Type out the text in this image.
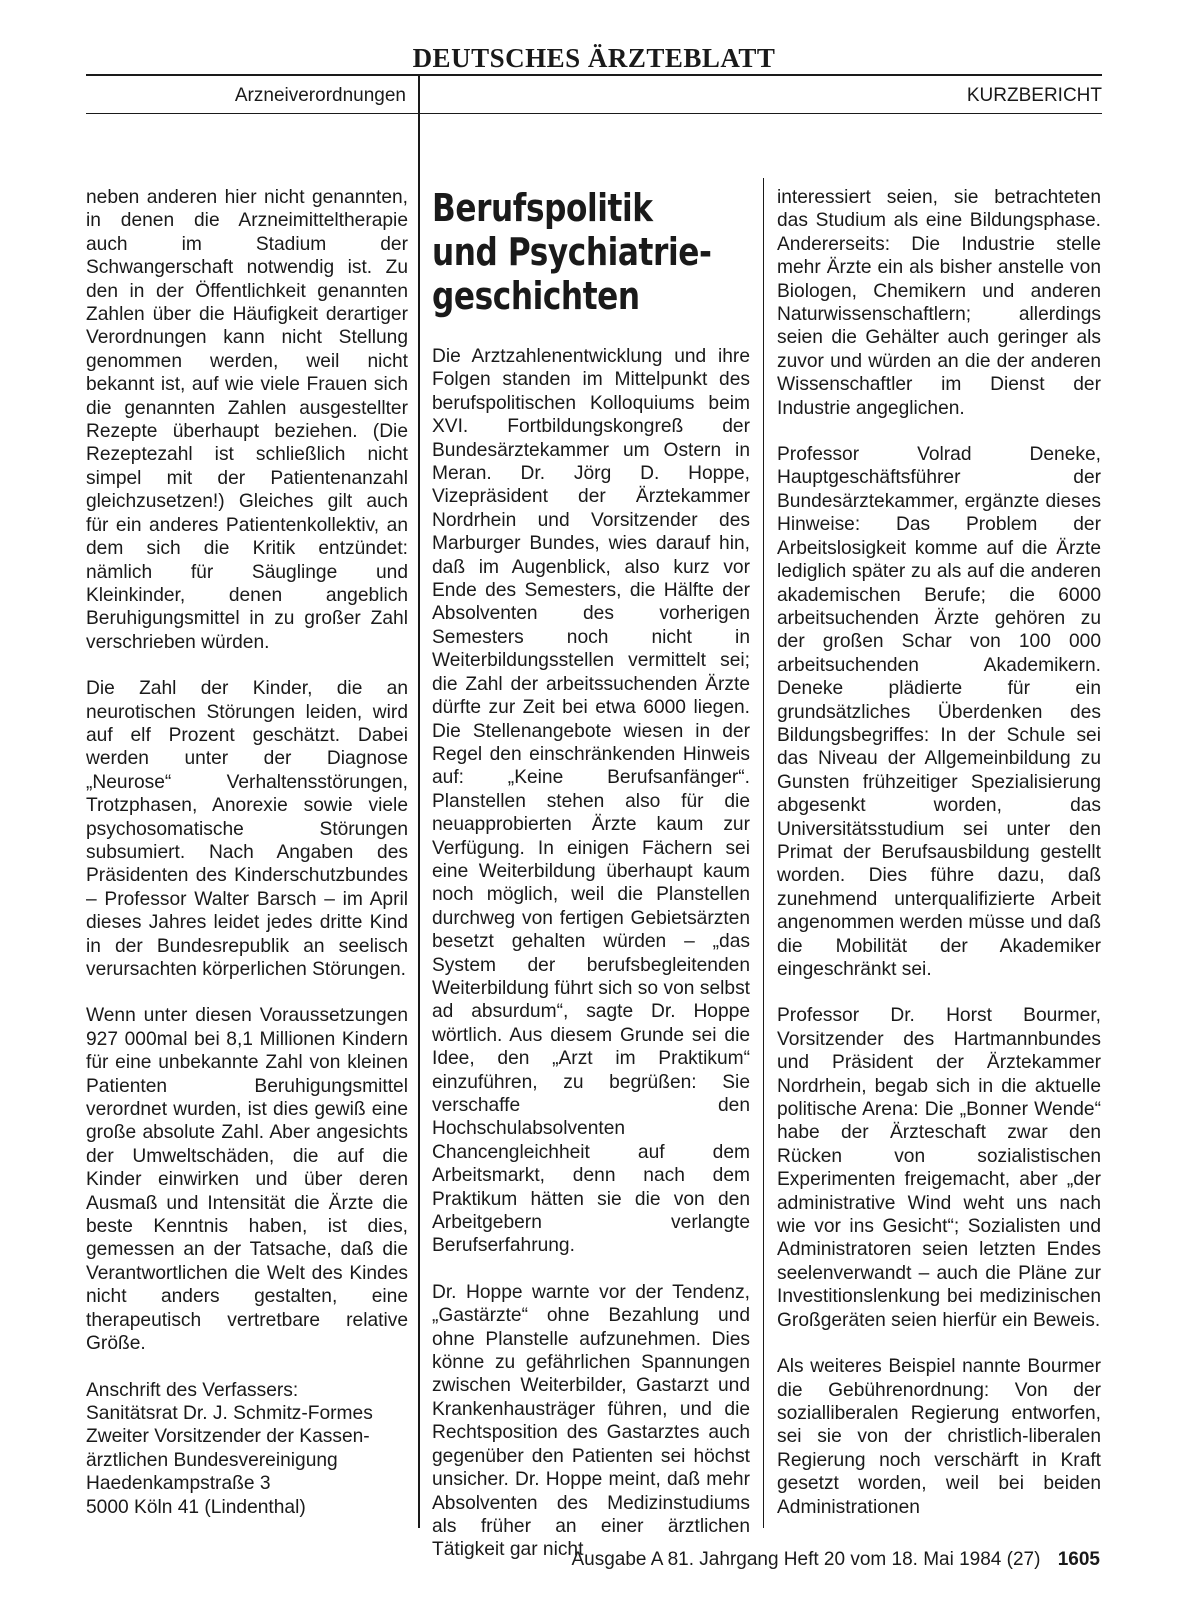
DEUTSCHES ÄRZTEBLATT
Arzneiverordnungen	KURZBERICHT

neben anderen hier nicht genannten, in denen die Arzneimitteltherapie auch im Stadium der Schwangerschaft notwendig ist. Zu den in der Öffentlichkeit genannten Zahlen über die Häufigkeit derartiger Verordnungen kann nicht Stellung genommen werden, weil nicht bekannt ist, auf wie viele Frauen sich die genannten Zahlen ausgestellter Rezepte überhaupt beziehen. (Die Rezeptezahl ist schließlich nicht simpel mit der Patientenanzahl gleichzusetzen!) Gleiches gilt auch für ein anderes Patientenkollektiv, an dem sich die Kritik entzündet: nämlich für Säuglinge und Kleinkinder, denen angeblich Beruhigungsmittel in zu großer Zahl verschrieben würden.

Die Zahl der Kinder, die an neurotischen Störungen leiden, wird auf elf Prozent geschätzt. Dabei werden unter der Diagnose „Neurose“ Verhaltensstörungen, Trotzphasen, Anorexie sowie viele psychosomatische Störungen subsumiert. Nach Angaben des Präsidenten des Kinderschutzbundes – Professor Walter Barsch – im April dieses Jahres leidet jedes dritte Kind in der Bundesrepublik an seelisch verursachten körperlichen Störungen.

Wenn unter diesen Voraussetzungen 927 000mal bei 8,1 Millionen Kindern für eine unbekannte Zahl von kleinen Patienten Beruhigungsmittel verordnet wurden, ist dies gewiß eine große absolute Zahl. Aber angesichts der Umweltschäden, die auf die Kinder einwirken und über deren Ausmaß und Intensität die Ärzte die beste Kenntnis haben, ist dies, gemessen an der Tatsache, daß die Verantwortlichen die Welt des Kindes nicht anders gestalten, eine therapeutisch vertretbare relative Größe.

Anschrift des Verfassers:
Sanitätsrat Dr. J. Schmitz-Formes
Zweiter Vorsitzender der Kassen-
ärztlichen Bundesvereinigung
Haedenkampstraße 3
5000 Köln 41 (Lindenthal)
Berufspolitik
und Psychiatrie-
geschichten

Die Arztzahlenentwicklung und ihre Folgen standen im Mittelpunkt des berufspolitischen Kolloquiums beim XVI. Fortbildungskongreß der Bundesärztekammer um Ostern in Meran. Dr. Jörg D. Hoppe, Vizepräsident der Ärztekammer Nordrhein und Vorsitzender des Marburger Bundes, wies darauf hin, daß im Augenblick, also kurz vor Ende des Semesters, die Hälfte der Absolventen des vorherigen Semesters noch nicht in Weiterbildungsstellen vermittelt sei; die Zahl der arbeitssuchenden Ärzte dürfte zur Zeit bei etwa 6000 liegen. Die Stellenangebote wiesen in der Regel den einschränkenden Hinweis auf: „Keine Berufsanfänger“. Planstellen stehen also für die neuapprobierten Ärzte kaum zur Verfügung. In einigen Fächern sei eine Weiterbildung überhaupt kaum noch möglich, weil die Planstellen durchweg von fertigen Gebietsärzten besetzt gehalten würden – „das System der berufsbegleitenden Weiterbildung führt sich so von selbst ad absurdum“, sagte Dr. Hoppe wörtlich. Aus diesem Grunde sei die Idee, den „Arzt im Praktikum“ einzuführen, zu begrüßen: Sie verschaffe den Hochschulabsolventen Chancengleichheit auf dem Arbeitsmarkt, denn nach dem Praktikum hätten sie die von den Arbeitgebern verlangte Berufserfahrung.

Dr. Hoppe warnte vor der Tendenz, „Gastärzte“ ohne Bezahlung und ohne Planstelle aufzunehmen. Dies könne zu gefährlichen Spannungen zwischen Weiterbilder, Gastarzt und Krankenhausträger führen, und die Rechtsposition des Gastarztes auch gegenüber den Patienten sei höchst unsicher. Dr. Hoppe meint, daß mehr Absolventen des Medizinstudiums als früher an einer ärztlichen Tätigkeit gar nicht

interessiert seien, sie betrachteten das Studium als eine Bildungsphase. Andererseits: Die Industrie stelle mehr Ärzte ein als bisher anstelle von Biologen, Chemikern und anderen Naturwissenschaftlern; allerdings seien die Gehälter auch geringer als zuvor und würden an die der anderen Wissenschaftler im Dienst der Industrie angeglichen.

Professor Volrad Deneke, Hauptgeschäftsführer der Bundesärztekammer, ergänzte dieses Hinweise: Das Problem der Arbeitslosigkeit komme auf die Ärzte lediglich später zu als auf die anderen akademischen Berufe; die 6000 arbeitsuchenden Ärzte gehören zu der großen Schar von 100 000 arbeitsuchenden Akademikern. Deneke plädierte für ein grundsätzliches Überdenken des Bildungsbegriffes: In der Schule sei das Niveau der Allgemeinbildung zu Gunsten frühzeitiger Spezialisierung abgesenkt worden, das Universitätsstudium sei unter den Primat der Berufsausbildung gestellt worden. Dies führe dazu, daß zunehmend unterqualifizierte Arbeit angenommen werden müsse und daß die Mobilität der Akademiker eingeschränkt sei.

Professor Dr. Horst Bourmer, Vorsitzender des Hartmannbundes und Präsident der Ärztekammer Nordrhein, begab sich in die aktuelle politische Arena: Die „Bonner Wende“ habe der Ärzteschaft zwar den Rücken von sozialistischen Experimenten freigemacht, aber „der administrative Wind weht uns nach wie vor ins Gesicht“; Sozialisten und Administratoren seien letzten Endes seelenverwandt – auch die Pläne zur Investitionslenkung bei medizinischen Großgeräten seien hierfür ein Beweis.

Als weiteres Beispiel nannte Bourmer die Gebührenordnung: Von der sozialliberalen Regierung entworfen, sei sie von der christlich-liberalen Regierung noch verschärft in Kraft gesetzt worden, weil bei beiden Administrationen

Ausgabe A 81. Jahrgang Heft 20 vom 18. Mai 1984 (27) 1605
